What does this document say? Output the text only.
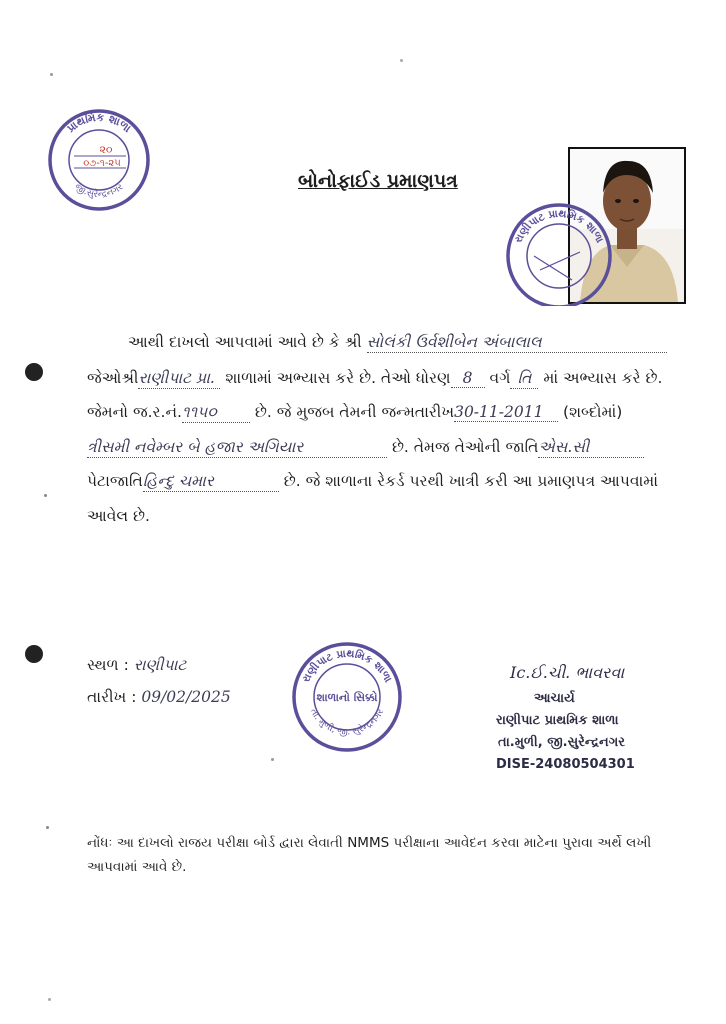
પ્રાથમિક શાળા
જી.સુરેન્દ્રનગર
૨૦
૦૭-૧-૨૫
બોનોફાઈડ પ્રમાણપત્ર
રાણીપાટ પ્રાથમિક શાળા
આથી દાખલો આપવામાં આવે છે કે શ્રી સોલંકી ઉર્વશીબેન અંબાલાલ
જેઓશ્રીરાણીપાટ પ્રા. શાળામાં અભ્યાસ કરે છે. તેઓ ધોરણ 8 વર્ગ તિ માં અભ્યાસ કરે છે.
જેમનો જ.ર.નં.૧૧૫૦ છે. જે મુજબ તેમની જન્મતારીખ30-11-2011 (શબ્દોમાં)
ત્રીસમી નવેમ્બર બે હજાર અગિયાર	છે. તેમજ તેઓની જાતિએસ.સી
પેટાજાતિહિન્દુ ચમાર	છે. જે શાળાના રેકર્ડ પરથી ખાત્રી કરી આ પ્રમાણપત્ર આપવામાં
આવેલ છે.
સ્થળ : રાણીપાટ
તારીખ : 09/02/2025
રાણીપાટ પ્રાથમિક શાળા
તા. મુળી, જી. સુરેન્દ્રનગર
શાળાનો સિક્કો
Ic.ઈ.ચી. ભાવરવા
આચાર્ય
રાણીપાટ પ્રાથમિક શાળા
તા.મુળી, જી.સુરેન્દ્રનગર
DISE-24080504301
નોંધઃ આ દાખલો રાજય પરીક્ષા બોર્ડ દ્વારા લેવાતી NMMS પરીક્ષાના આવેદન કરવા માટેના પુરાવા અર્થે લખી આપવામાં આવે છે.
